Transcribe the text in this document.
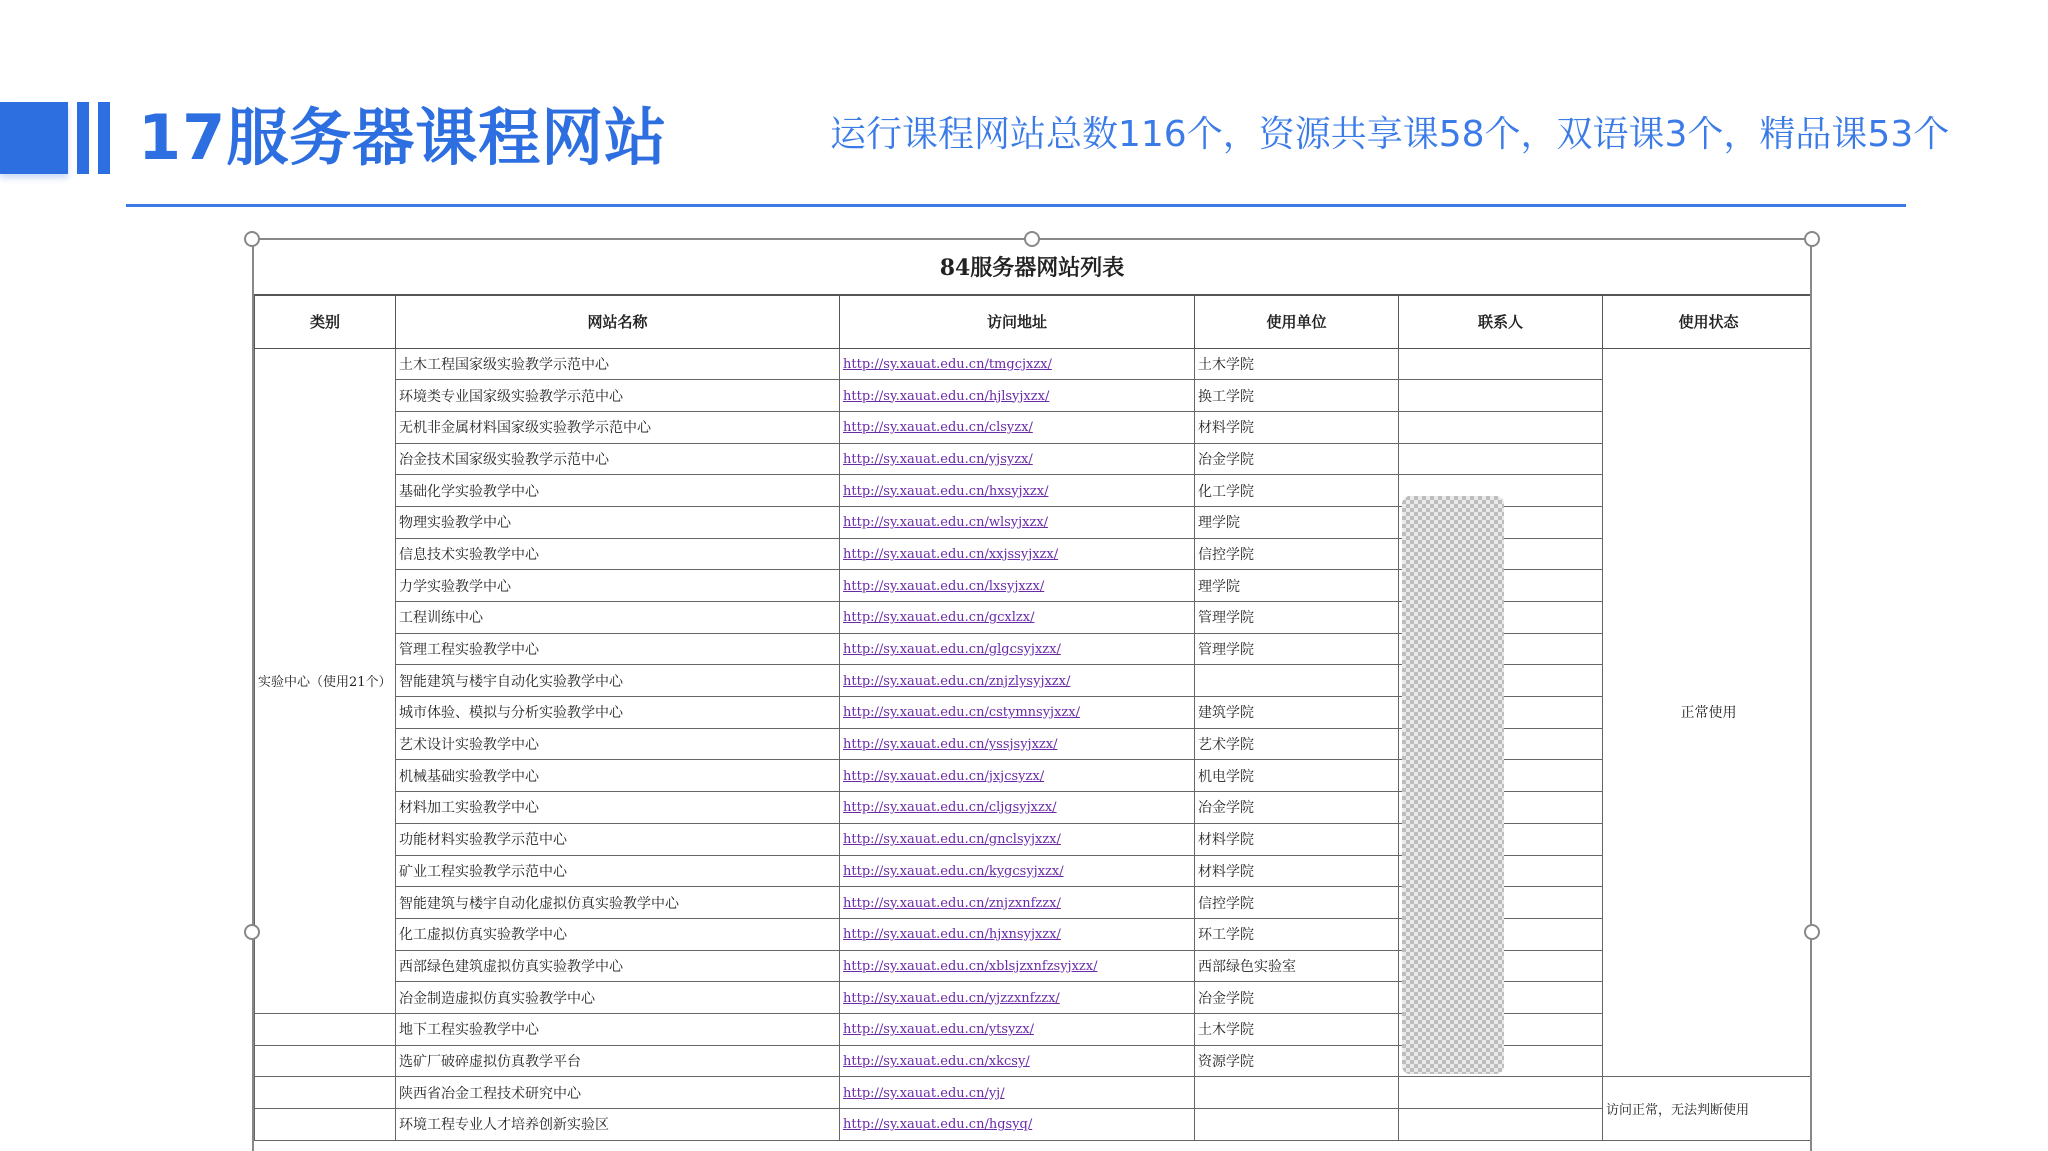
17服务器课程网站	运行课程网站总数116个，资源共享课58个，双语课3个，精品课53个
84服务器网站列表
类别	网站名称	访问地址	使用单位	联系人	使用状态
实验中心（使用21个）	土木工程国家级实验教学示范中心	http://sy.xauat.edu.cn/tmgcjxzx/	土木学院		正常使用
	环境类专业国家级实验教学示范中心	http://sy.xauat.edu.cn/hjlsyjxzx/	换工学院		
	无机非金属材料国家级实验教学示范中心	http://sy.xauat.edu.cn/clsyzx/	材料学院		
	冶金技术国家级实验教学示范中心	http://sy.xauat.edu.cn/yjsyzx/	冶金学院		
	基础化学实验教学中心	http://sy.xauat.edu.cn/hxsyjxzx/	化工学院		
	物理实验教学中心	http://sy.xauat.edu.cn/wlsyjxzx/	理学院		
	信息技术实验教学中心	http://sy.xauat.edu.cn/xxjssyjxzx/	信控学院		
	力学实验教学中心	http://sy.xauat.edu.cn/lxsyjxzx/	理学院		
	工程训练中心	http://sy.xauat.edu.cn/gcxlzx/	管理学院		
	管理工程实验教学中心	http://sy.xauat.edu.cn/glgcsyjxzx/	管理学院		
	智能建筑与楼宇自动化实验教学中心	http://sy.xauat.edu.cn/znjzlysyjxzx/			
	城市体验、模拟与分析实验教学中心	http://sy.xauat.edu.cn/cstymnsyjxzx/	建筑学院		
	艺术设计实验教学中心	http://sy.xauat.edu.cn/yssjsyjxzx/	艺术学院		
	机械基础实验教学中心	http://sy.xauat.edu.cn/jxjcsyzx/	机电学院		
	材料加工实验教学中心	http://sy.xauat.edu.cn/cljgsyjxzx/	冶金学院		
	功能材料实验教学示范中心	http://sy.xauat.edu.cn/gnclsyjxzx/	材料学院		
	矿业工程实验教学示范中心	http://sy.xauat.edu.cn/kygcsyjxzx/	材料学院		
	智能建筑与楼宇自动化虚拟仿真实验教学中心	http://sy.xauat.edu.cn/znjzxnfzzx/	信控学院		
	化工虚拟仿真实验教学中心	http://sy.xauat.edu.cn/hjxnsyjxzx/	环工学院		
	西部绿色建筑虚拟仿真实验教学中心	http://sy.xauat.edu.cn/xblsjzxnfzsyjxzx/	西部绿色实验室		
	冶金制造虚拟仿真实验教学中心	http://sy.xauat.edu.cn/yjzzxnfzzx/	冶金学院		
	地下工程实验教学中心	http://sy.xauat.edu.cn/ytsyzx/	土木学院		
	选矿厂破碎虚拟仿真教学平台	http://sy.xauat.edu.cn/xkcsy/	资源学院		
	陕西省冶金工程技术研究中心	http://sy.xauat.edu.cn/yj/			访问正常，无法判断使用
	环境工程专业人才培养创新实验区	http://sy.xauat.edu.cn/hgsyq/			
